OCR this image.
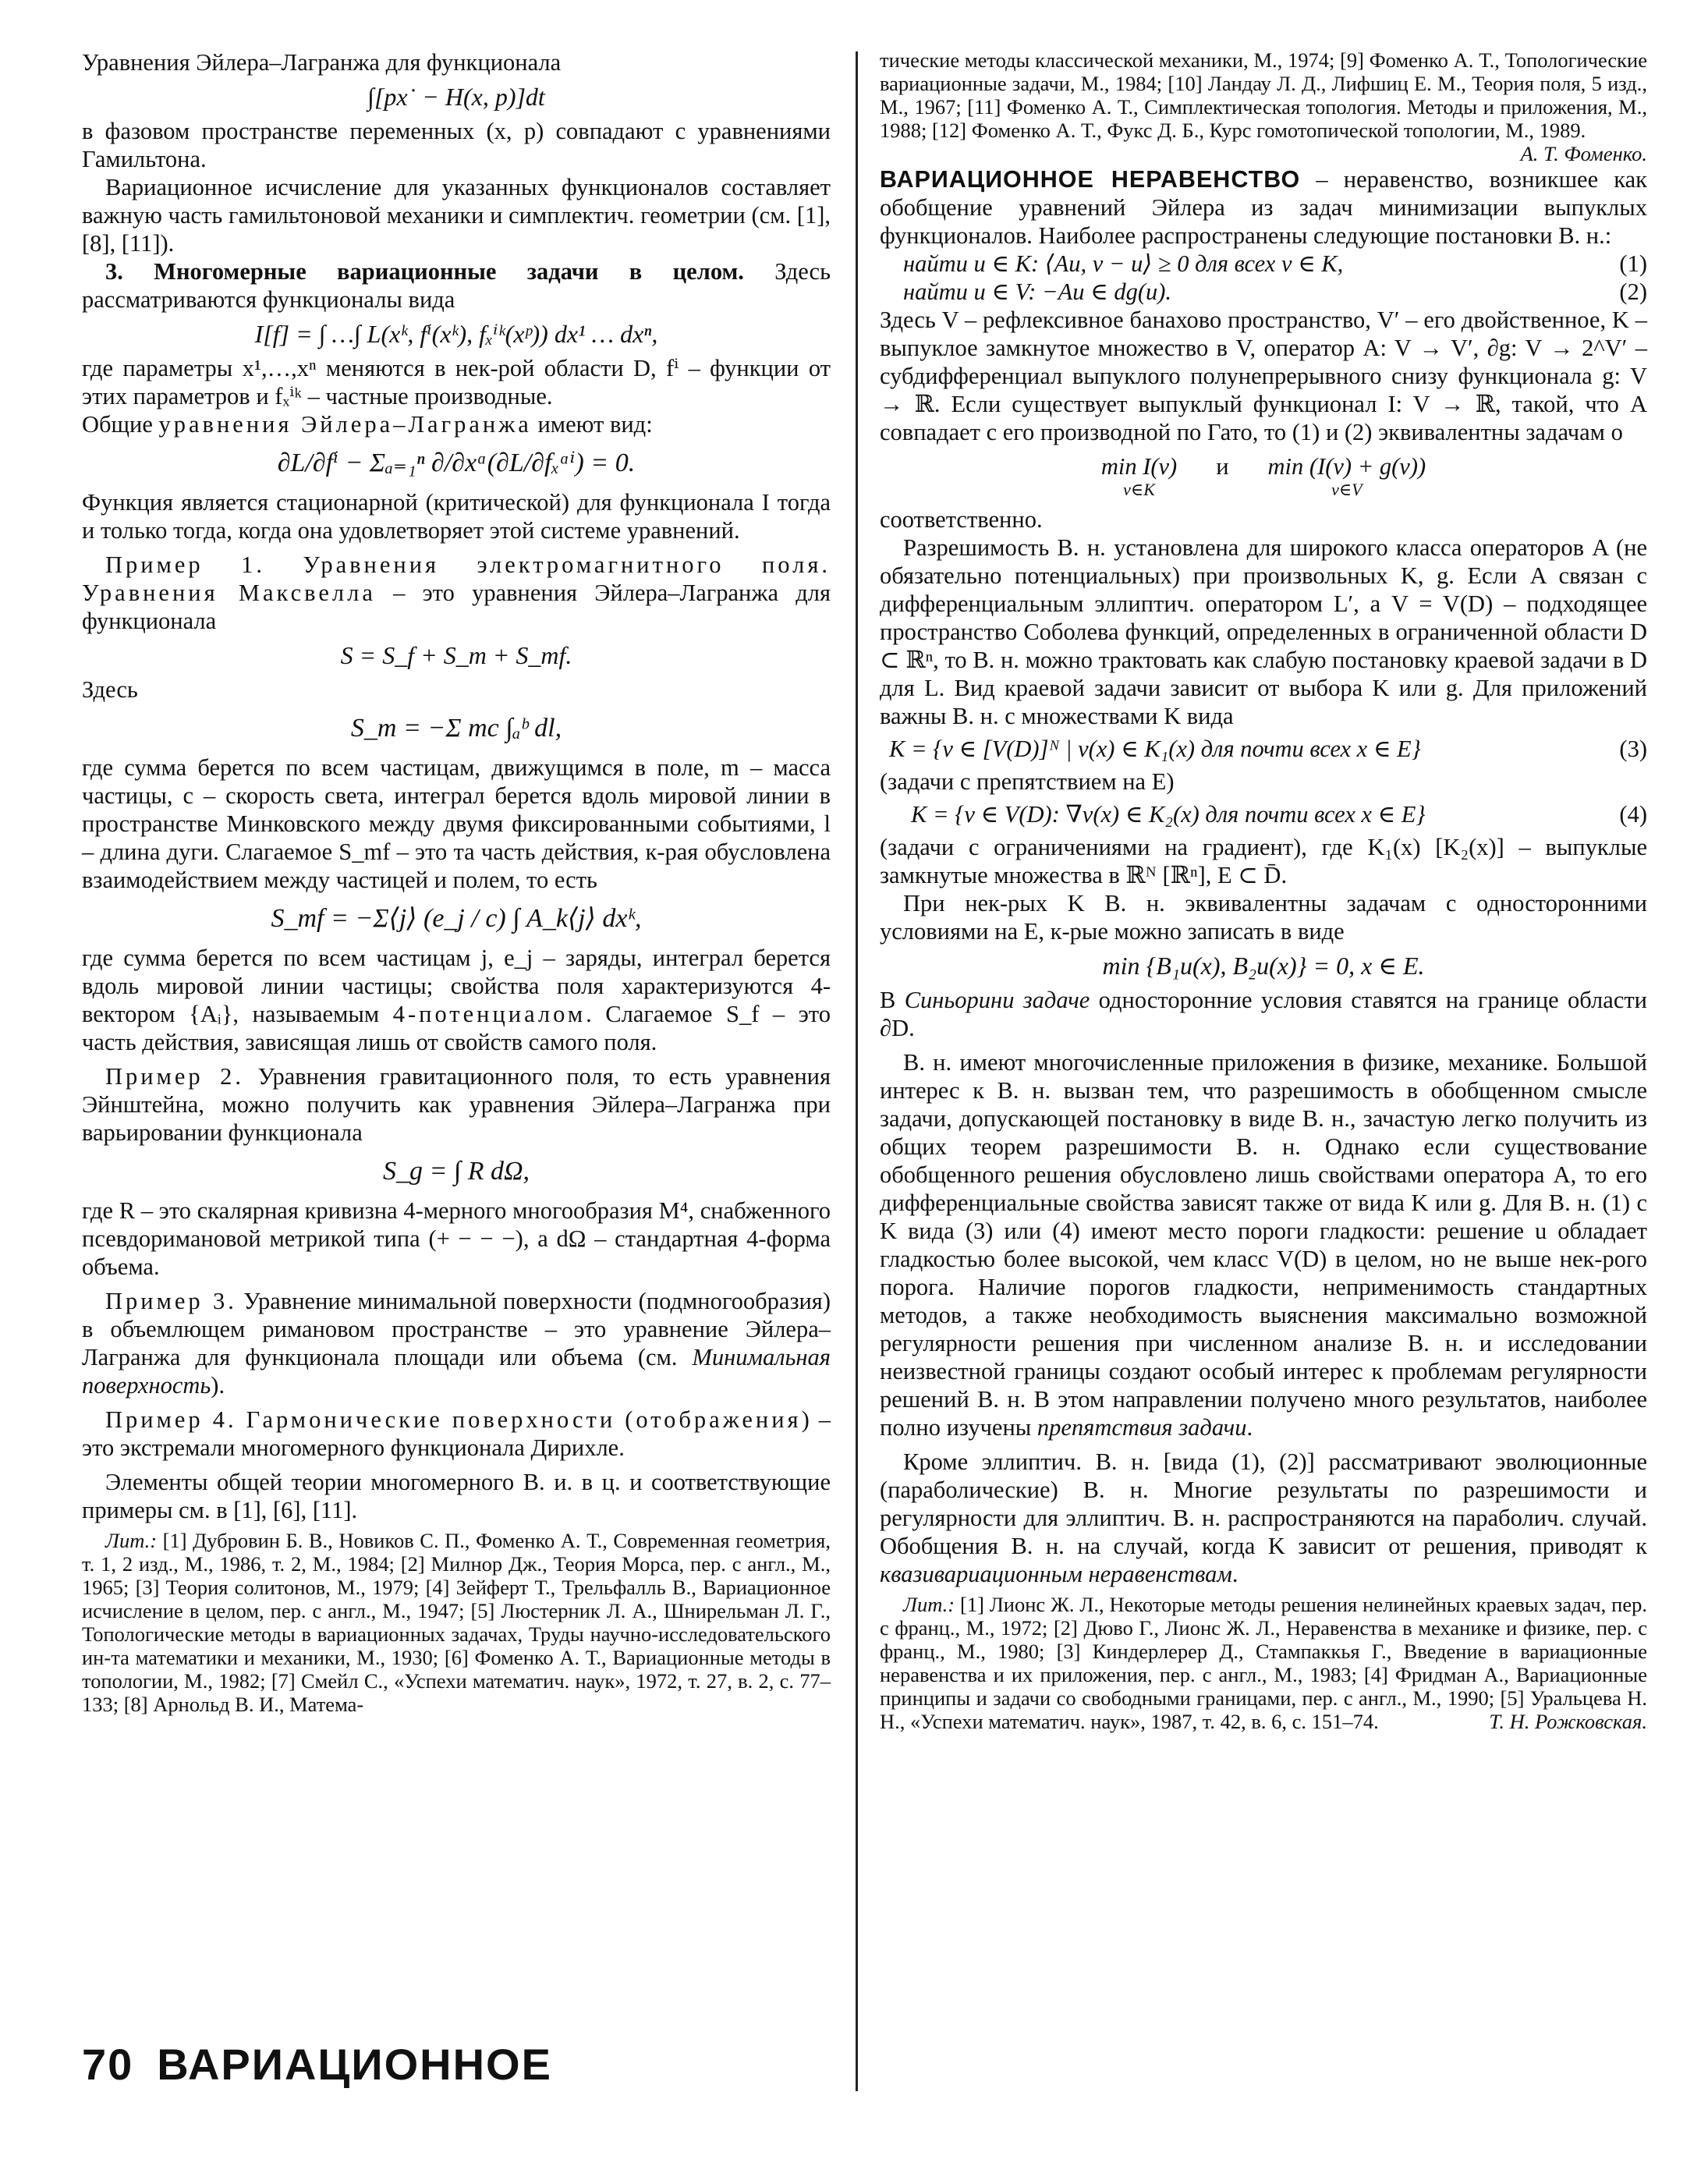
Уравнения Эйлера–Лагранжа для функционала

∫[px˙ − H(x, p)]dt

в фазовом пространстве переменных (x, p) совпадают с уравнениями Гамильтона.

Вариационное исчисление для указанных функционалов составляет важную часть гамильтоновой механики и симплектич. геометрии (см. [1], [8], [11]).

3. Многомерные вариационные задачи в целом. Здесь рассматриваются функционалы вида

I[f] = ∫ …∫ L(xᵏ, fⁱ(xᵏ), fₓⁱᵏ(xᵖ)) dx¹ … dxⁿ,

где параметры x¹,…,xⁿ меняются в нек-рой области D, fⁱ – функции от этих параметров и fₓⁱᵏ – частные производные.

Общие уравнения Эйлера–Лагранжа имеют вид:

∂L/∂fⁱ − Σₐ₌₁ⁿ ∂/∂xᵅ(∂L/∂fₓᵅⁱ) = 0.

Функция является стационарной (критической) для функционала I тогда и только тогда, когда она удовлетворяет этой системе уравнений.

Пример 1. Уравнения электромагнитного поля. Уравнения Максвелла – это уравнения Эйлера–Лагранжа для функционала

S = S_f + S_m + S_mf.

Здесь

S_m = −Σ mc ∫ₐᵇ dl,

где сумма берется по всем частицам, движущимся в поле, m – масса частицы, c – скорость света, интеграл берется вдоль мировой линии в пространстве Минковского между двумя фиксированными событиями, l – длина дуги. Слагаемое S_mf – это та часть действия, к-рая обусловлена взаимодействием между частицей и полем, то есть

S_mf = −Σ⟨j⟩ (e_j / c) ∫ A_k⟨j⟩ dxᵏ,

где сумма берется по всем частицам j, e_j – заряды, интеграл берется вдоль мировой линии частицы; свойства поля характеризуются 4-вектором {Aᵢ}, называемым 4-потенциалом. Слагаемое S_f – это часть действия, зависящая лишь от свойств самого поля.

Пример 2. Уравнения гравитационного поля, то есть уравнения Эйнштейна, можно получить как уравнения Эйлера–Лагранжа при варьировании функционала

S_g = ∫ R dΩ,

где R – это скалярная кривизна 4-мерного многообразия M⁴, снабженного псевдоримановой метрикой типа (+ − − −), а dΩ – стандартная 4-форма объема.

Пример 3. Уравнение минимальной поверхности (подмногообразия) в объемлющем римановом пространстве – это уравнение Эйлера–Лагранжа для функционала площади или объема (см. Минимальная поверхность).

Пример 4. Гармонические поверхности (отображения) – это экстремали многомерного функционала Дирихле.

Элементы общей теории многомерного В. и. в ц. и соответствующие примеры см. в [1], [6], [11].

Лит.: [1] Дубровин Б. В., Новиков С. П., Фоменко А. Т., Современная геометрия, т. 1, 2 изд., М., 1986, т. 2, М., 1984; [2] Милнор Дж., Теория Морса, пер. с англ., М., 1965; [3] Теория солитонов, М., 1979; [4] Зейферт Т., Трельфалль В., Вариационное исчисление в целом, пер. с англ., М., 1947; [5] Люстерник Л. А., Шнирельман Л. Г., Топологические методы в вариационных задачах, Труды научно-исследовательского ин-та математики и механики, М., 1930; [6] Фоменко А. Т., Вариационные методы в топологии, М., 1982; [7] Смейл С., «Успехи математич. наук», 1972, т. 27, в. 2, с. 77–133; [8] Арнольд В. И., Матема-

тические методы классической механики, М., 1974; [9] Фоменко А. Т., Топологические вариационные задачи, М., 1984; [10] Ландау Л. Д., Лифшиц Е. М., Теория поля, 5 изд., М., 1967; [11] Фоменко А. Т., Симплектическая топология. Методы и приложения, М., 1988; [12] Фоменко А. Т., Фукс Д. Б., Курс гомотопической топологии, М., 1989.
А. Т. Фоменко.

ВАРИАЦИОННОЕ НЕРАВЕНСТВО – неравенство, возникшее как обобщение уравнений Эйлера из задач минимизации выпуклых функционалов. Наиболее распространены следующие постановки В. н.:

найти u ∈ K: ⟨Au, v − u⟩ ≥ 0 для всех v ∈ K,	(1)
найти u ∈ V: −Au ∈ dg(u).	(2)

Здесь V – рефлексивное банахово пространство, V′ – его двойственное, K – выпуклое замкнутое множество в V, оператор A: V → V′, ∂g: V → 2^V′ – субдифференциал выпуклого полунепрерывного снизу функционала g: V → ℝ. Если существует выпуклый функционал I: V → ℝ, такой, что A совпадает с его производной по Гато, то (1) и (2) эквивалентны задачам о

min I(v)
v∈K
и min (I(v) + g(v))
v∈V

соответственно.

Разрешимость В. н. установлена для широкого класса операторов A (не обязательно потенциальных) при произвольных K, g. Если A связан с дифференциальным эллиптич. оператором L′, а V = V(D) – подходящее пространство Соболева функций, определенных в ограниченной области D ⊂ ℝⁿ, то В. н. можно трактовать как слабую постановку краевой задачи в D для L. Вид краевой задачи зависит от выбора K или g. Для приложений важны В. н. с множествами K вида

K = {v ∈ [V(D)]ᴺ | v(x) ∈ K₁(x) для почти всех x ∈ E}	(3)

(задачи с препятствием на E)

K = {v ∈ V(D): ∇v(x) ∈ K₂(x) для почти всех x ∈ E}	(4)

(задачи с ограничениями на градиент), где K₁(x) [K₂(x)] – выпуклые замкнутые множества в ℝᴺ [ℝⁿ], E ⊂ D̄.

При нек-рых K В. н. эквивалентны задачам с односторонними условиями на E, к-рые можно записать в виде

min {B₁u(x), B₂u(x)} = 0, x ∈ E.

В Синьорини задаче односторонние условия ставятся на границе области ∂D.

В. н. имеют многочисленные приложения в физике, механике. Большой интерес к В. н. вызван тем, что разрешимость в обобщенном смысле задачи, допускающей постановку в виде В. н., зачастую легко получить из общих теорем разрешимости В. н. Однако если существование обобщенного решения обусловлено лишь свойствами оператора A, то его дифференциальные свойства зависят также от вида K или g. Для В. н. (1) с K вида (3) или (4) имеют место пороги гладкости: решение u обладает гладкостью более высокой, чем класс V(D) в целом, но не выше нек-рого порога. Наличие порогов гладкости, неприменимость стандартных методов, а также необходимость выяснения максимально возможной регулярности решения при численном анализе В. н. и исследовании неизвестной границы создают особый интерес к проблемам регулярности решений В. н. В этом направлении получено много результатов, наиболее полно изучены препятствия задачи.

Кроме эллиптич. В. н. [вида (1), (2)] рассматривают эволюционные (параболические) В. н. Многие результаты по разрешимости и регулярности для эллиптич. В. н. распространяются на параболич. случай. Обобщения В. н. на случай, когда K зависит от решения, приводят к квазивариационным неравенствам.

Лит.: [1] Лионс Ж. Л., Некоторые методы решения нелинейных краевых задач, пер. с франц., М., 1972; [2] Дюво Г., Лионс Ж. Л., Неравенства в механике и физике, пер. с франц., М., 1980; [3] Киндерлерер Д., Стампаккья Г., Введение в вариационные неравенства и их приложения, пер. с англ., М., 1983; [4] Фридман А., Вариационные принципы и задачи со свободными границами, пер. с англ., М., 1990; [5] Уральцева Н. Н., «Успехи математич. наук», 1987, т. 42, в. 6, с. 151–74.	Т. Н. Рожковская.

70 ВАРИАЦИОННОЕ
